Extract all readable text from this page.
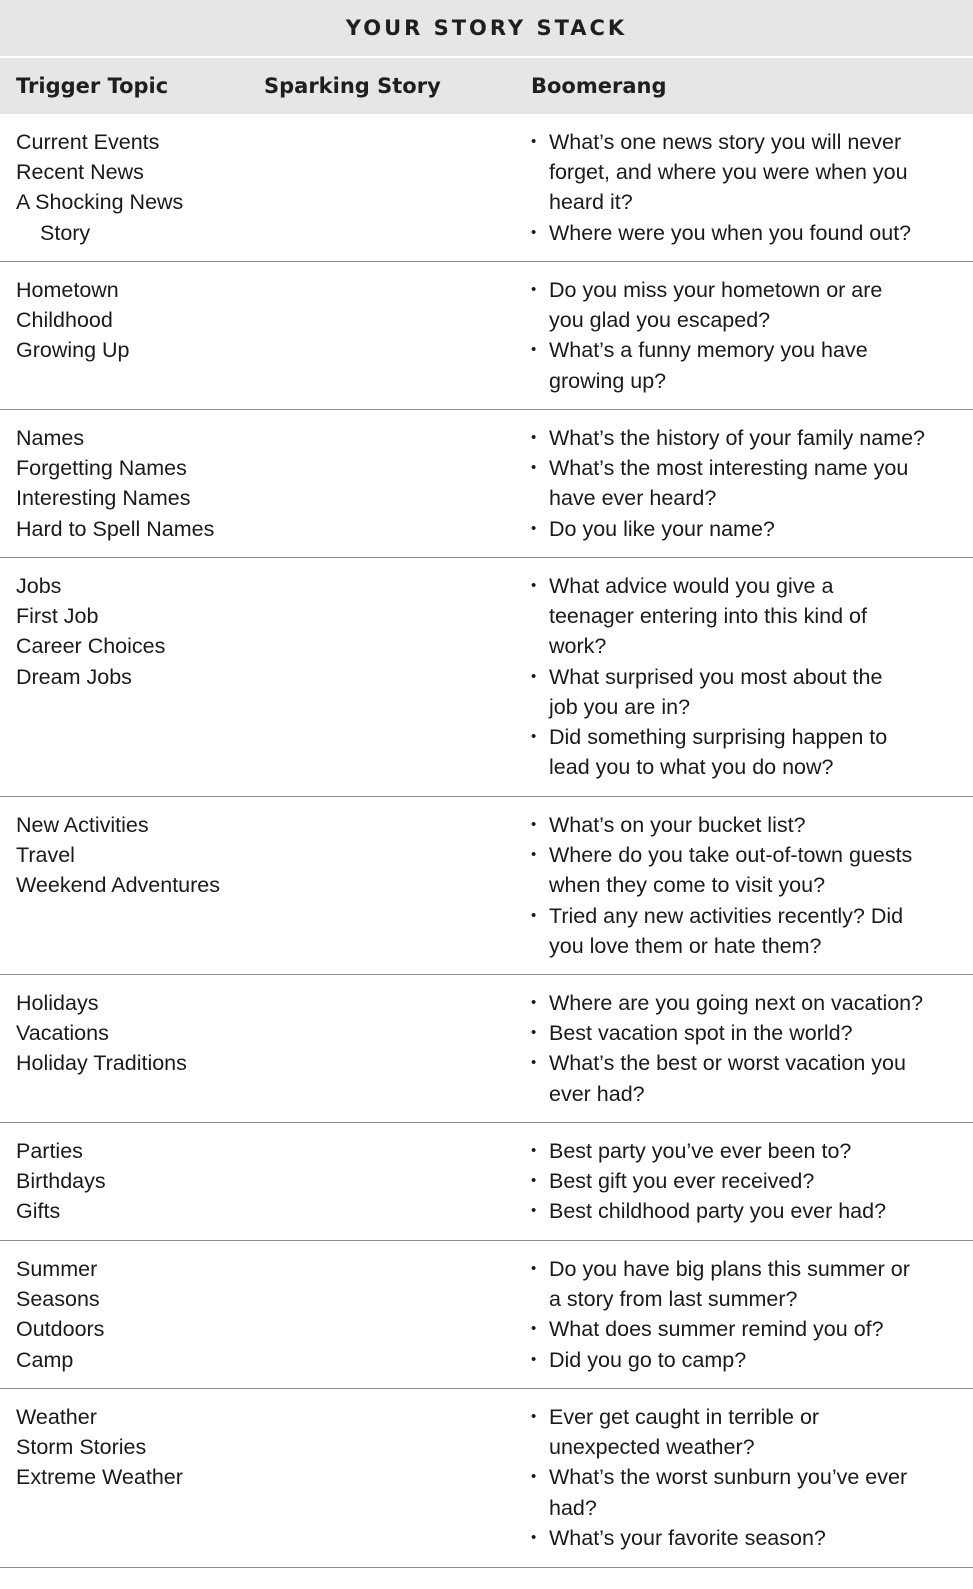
YOUR STORY STACK
Trigger Topic	Sparking Story	Boomerang
Current Events
Recent News
A Shocking News
Story
• What’s one news story you will never
forget, and where you were when you
heard it?
• Where were you when you found out?
Hometown
Childhood
Growing Up
• Do you miss your hometown or are
you glad you escaped?
• What’s a funny memory you have
growing up?
Names
Forgetting Names
Interesting Names
Hard to Spell Names
• What’s the history of your family name?
• What’s the most interesting name you
have ever heard?
• Do you like your name?
Jobs
First Job
Career Choices
Dream Jobs
• What advice would you give a
teenager entering into this kind of
work?
• What surprised you most about the
job you are in?
• Did something surprising happen to
lead you to what you do now?
New Activities
Travel
Weekend Adventures
• What’s on your bucket list?
• Where do you take out-of-town guests
when they come to visit you?
• Tried any new activities recently? Did
you love them or hate them?
Holidays
Vacations
Holiday Traditions
• Where are you going next on vacation?
• Best vacation spot in the world?
• What’s the best or worst vacation you
ever had?
Parties
Birthdays
Gifts
• Best party you’ve ever been to?
• Best gift you ever received?
• Best childhood party you ever had?
Summer
Seasons
Outdoors
Camp
• Do you have big plans this summer or
a story from last summer?
• What does summer remind you of?
• Did you go to camp?
Weather
Storm Stories
Extreme Weather
• Ever get caught in terrible or
unexpected weather?
• What’s the worst sunburn you’ve ever
had?
• What’s your favorite season?
